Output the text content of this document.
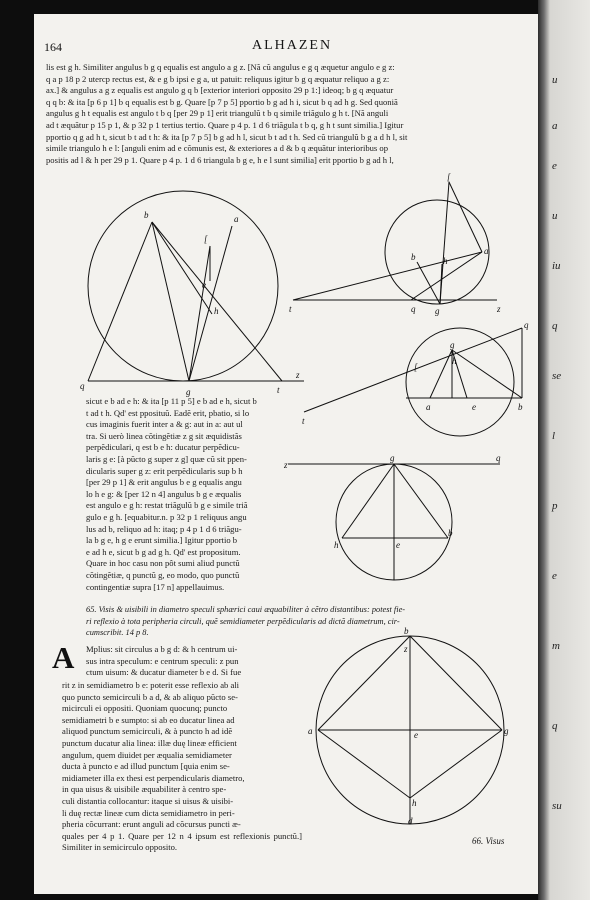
164	ALHAZEN
lis est g h. Similiter angulus b g q equalis est angulo a g z. [Nã cũ angulus e g q æquetur angulo e g z:
q a p 18 p 2 utercp rectus est, & e g b ipsi e g a, ut patuit: reliquus igitur b g q æquatur reliquo a g z:
ax.] & angulus a g z equalis est angulo g q b [exterior interiori opposito 29 p 1:] ideoq; b g q æquatur
q q b: & ita [p 6 p 1] b q equalis est b g. Quare [p 7 p 5] pportio b g ad h i, sicut b q ad h g. Sed quoniã
angulus g h t equalis est angulo t b q [per 29 p 1] erit triangulũ t b q simile triãgulo g h t. [Nã anguli
ad t æquãtur p 15 p 1, & p 32 p 1 tertius tertio. Quare p 4 p. 1 d 6 triãgula t b q, g h t sunt similia.] Igitur
pportio q g ad h t, sicut b t ad t h: & ita [p 7 p 5] b g ad h l, sicut b t ad t h. Sed cũ triangulũ b g a d h l, sit
simile triangulo h e l: [anguli enim ad e cõmunis est, & exteriores a d & b q æquãtur interioribus op
positis ad l & h per 29 p 1. Quare p 4 p. 1 d 6 triangula b g e, h e l sunt similia] erit pportio b g ad h l,
b	a
[
e
h
q
g	t
z
[
a
b	h
g
t	q	z
q
[
g
h
t
a	e	b
z
g	q
h	e
b
sicut e b ad e h: & ita [p 11 p 5] e b ad e h, sicut b
t ad t h. Qd' est pposituũ. Eadẽ erit, pbatio, si lo
cus imaginis fuerit inter a & g: aut in a: aut ul
tra. Si uerò linea cõtingẽtiæ z g sit æquidistãs
perpẽdiculari, q est b e h: ducatur perpẽdicu-
laris g e: [à pũcto g super z g] quæ cũ sit ppen-
dicularis super g z: erit perpẽdicularis sup b h
[per 29 p 1] & erit angulus b e g equalis angu
lo h e g: & [per 12 n 4] angulus b g e æqualis
est angulo e g h: restat triãgulũ b g e simile triã
gulo e g h. [equabitur.n. p 32 p 1 reliquus angu
lus ad b, reliquo ad h: itaq; p 4 p 1 d 6 triãgu-
la b g e, h g e erunt similia.] Igitur pportio b
e ad h e, sicut b g ad g h. Qd' est propositum.
Quare in hoc casu non pôt sumi aliud punctũ
cõtingẽtiæ, q punctũ g, eo modo, quo punctũ
contingentiæ supra [17 n] appellauimus.
65. Visis & uisibili in diametro speculi sphærici caui æquabiliter à cẽtro distantibus: potest fie-
ri reflexio à tota peripheria circuli, quẽ semidiameter perpẽdicularis ad dictã diametrum, cir-
cumscribit. 14 p 8.
A Mplius: sit circulus a b g d: & h centrum ui-
sus intra speculum: e centrum speculi: z pun
ctum uisum: & ducatur diameter b e d. Si fue
rit z in semidiametro b e: poterit esse reflexio ab ali
quo puncto semicirculi b a d, & ab aliquo pũcto se-
micirculi ei oppositi. Quoniam quocunq; puncto
semidiametri b e sumpto: si ab eo ducatur linea ad
aliquod punctum semicirculi, & à puncto h ad idẽ
punctum ducatur alia linea: illæ duę lineæ efficient
angulum, quem diuidet per æqualia semidiameter
ducta à puncto e ad illud punctum [quia enim se-
midiameter illa ex thesi est perpendicularis diametro,
in qua uisus & uisibile æquabiliter à centro spe-
culi distantia collocantur: itaque si uisus & uisibi-
li duę rectæ lineæ cum dicta semidiametro in peri-
pheria cõcurrant: erunt anguli ad cõcursus puncti æ-
quales per 4 p 1. Quare per 12 n 4 ipsum est reflexionis punctũ.] Similiter in semicirculo opposito.
z
a	e	g
h
b
d
66. Visus
u
a
e
u
iu
q
se
l
p
e
m
q
su
